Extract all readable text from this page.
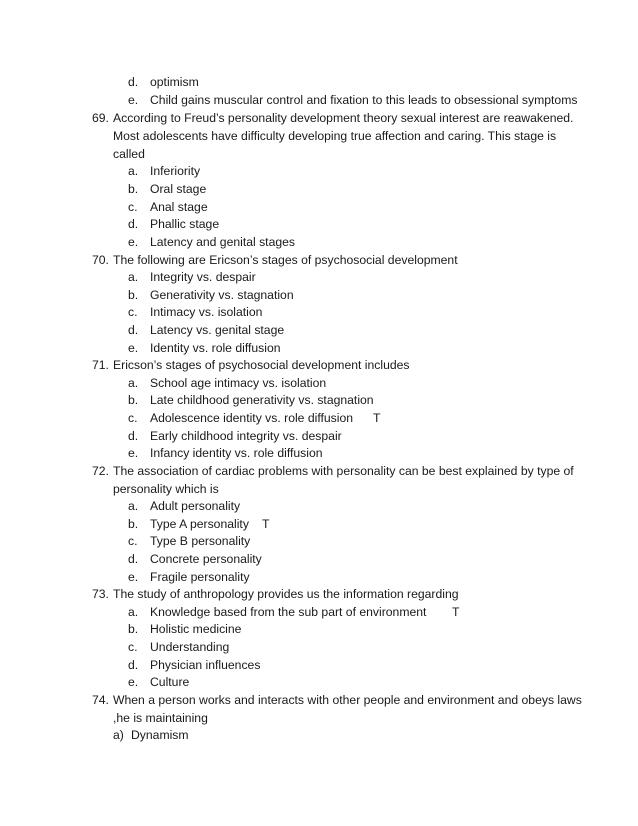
d. optimism
e. Child gains muscular control and fixation to this leads to obsessional symptoms
69. According to Freud’s personality development theory sexual interest are reawakened.
Most adolescents have difficulty developing true affection and caring. This stage is
called
a. Inferiority
b. Oral stage
c. Anal stage
d. Phallic stage
e. Latency and genital stages
70. The following are Ericson’s stages of psychosocial development
a. Integrity vs. despair
b. Generativity vs. stagnation
c. Intimacy vs. isolation
d. Latency vs. genital stage
e. Identity vs. role diffusion
71. Ericson’s stages of psychosocial development includes
a. School age intimacy vs. isolation
b. Late childhood generativity vs. stagnation
c. Adolescence identity vs. role diffusion T
d. Early childhood integrity vs. despair
e. Infancy identity vs. role diffusion
72. The association of cardiac problems with personality can be best explained by type of
personality which is
a. Adult personality
b. Type A personality T
c. Type B personality
d. Concrete personality
e. Fragile personality
73. The study of anthropology provides us the information regarding
a. Knowledge based from the sub part of environment T
b. Holistic medicine
c. Understanding
d. Physician influences
e. Culture
74. When a person works and interacts with other people and environment and obeys laws
,he is maintaining
a) Dynamism
